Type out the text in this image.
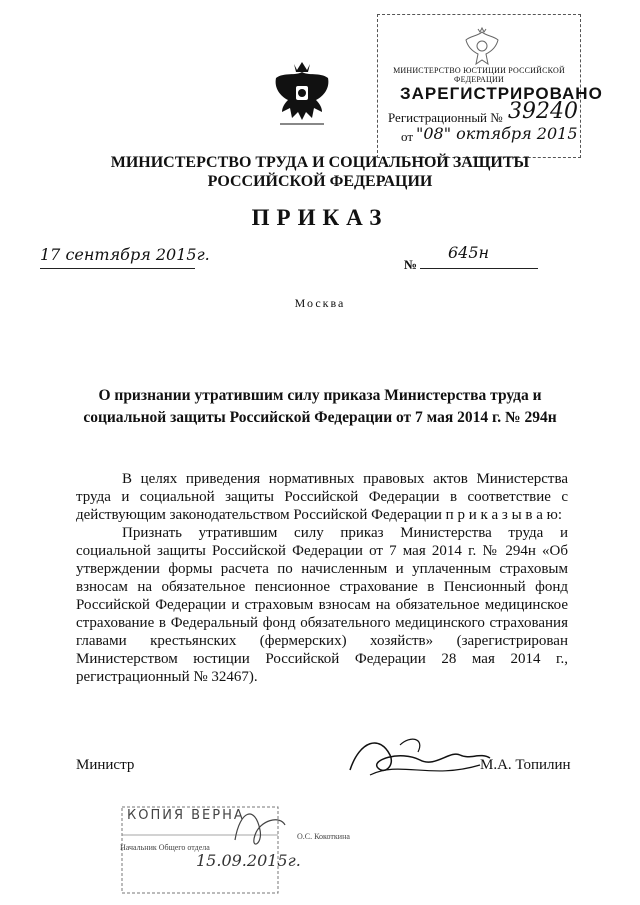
МИНИСТЕРСТВО ЮСТИЦИИ РОССИЙСКОЙ ФЕДЕРАЦИИ
ЗАРЕГИСТРИРОВАНО
Регистрационный № 39240
от "08" октября 2015
МИНИСТЕРСТВО ТРУДА И СОЦИАЛЬНОЙ ЗАЩИТЫ
РОССИЙСКОЙ ФЕДЕРАЦИИ
ПРИКАЗ
17 сентября 2015г.
№
645н
Москва
О признании утратившим силу приказа Министерства труда и
социальной защиты Российской Федерации от 7 мая 2014 г. № 294н

В целях приведения нормативных правовых актов Министерства труда и социальной защиты Российской Федерации в соответствие с действующим законодательством Российской Федерации п р и к а з ы в а ю:

Признать утратившим силу приказ Министерства труда и социальной защиты Российской Федерации от 7 мая 2014 г. № 294н «Об утверждении формы расчета по начисленным и уплаченным страховым взносам на обязательное пенсионное страхование в Пенсионный фонд Российской Федерации и страховым взносам на обязательное медицинское страхование в Федеральный фонд обязательного медицинского страхования главами крестьянских (фермерских) хозяйств» (зарегистрирован Министерством юстиции Российской Федерации 28 мая 2014 г., регистрационный № 32467).

Министр	М.А. Топилин
КОПИЯ ВЕРНА
Начальник Общего отдела
О.С. Кокоткина
15.09.2015г.
